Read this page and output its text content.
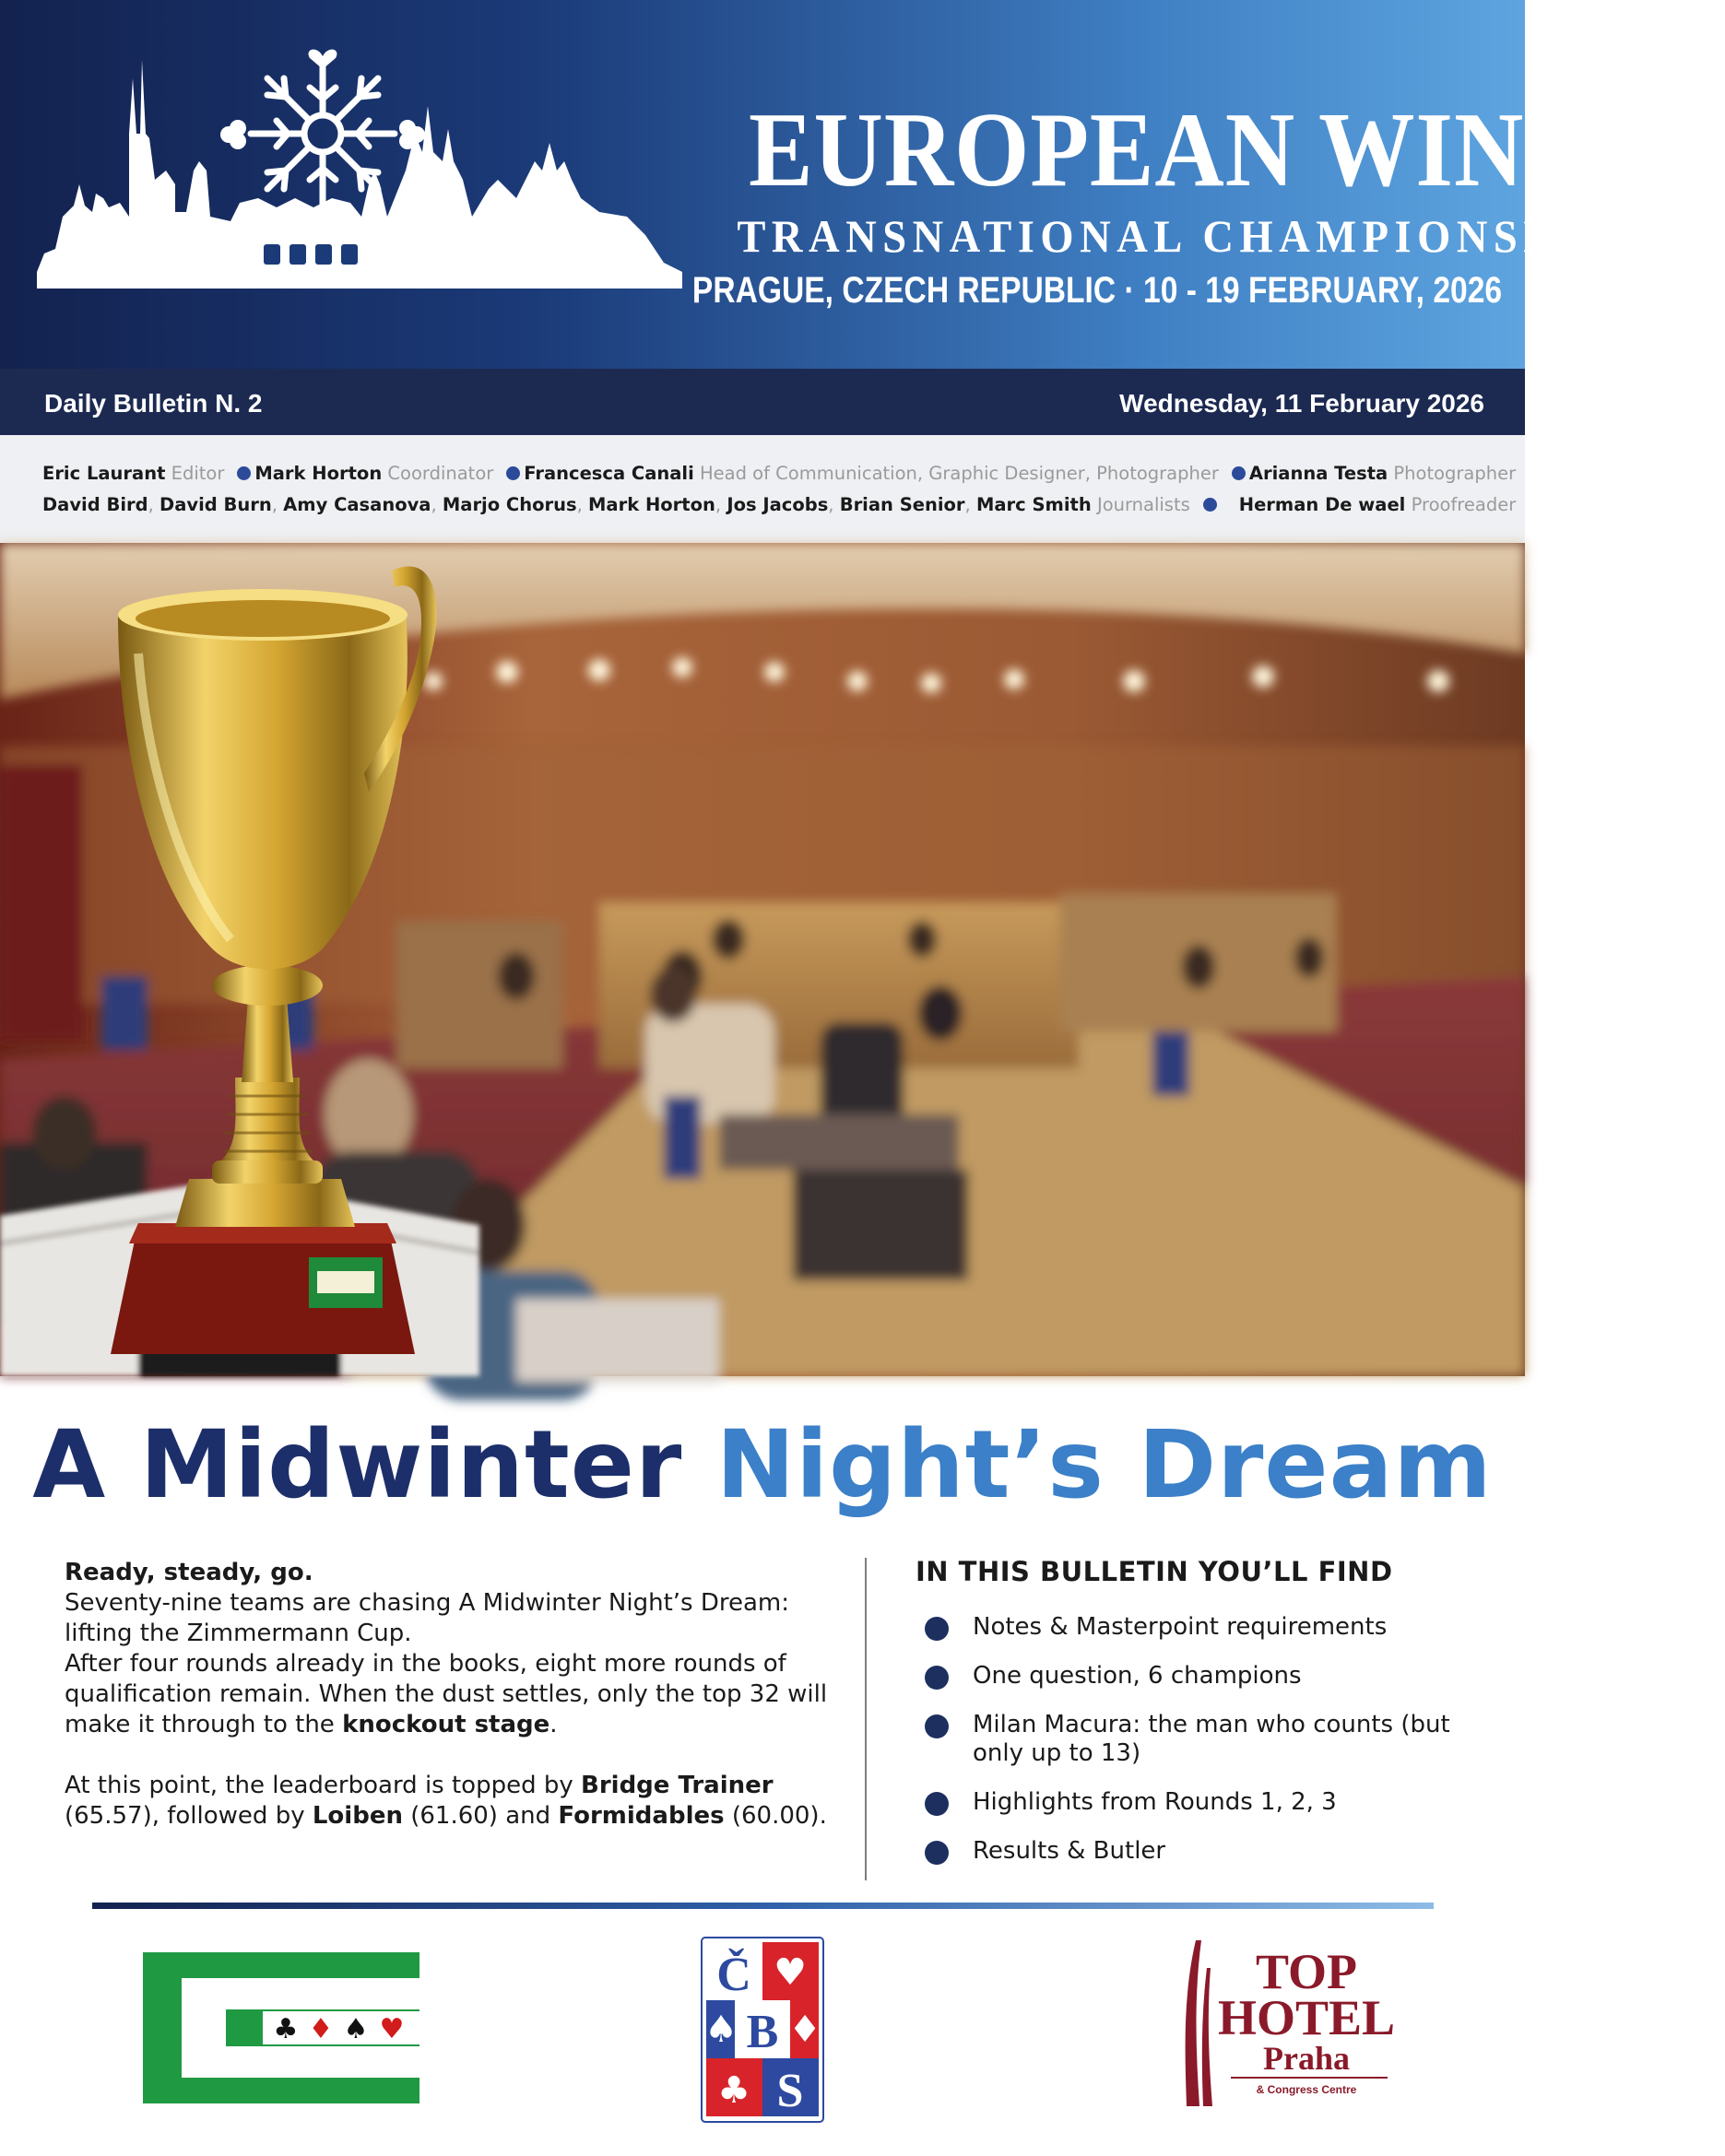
EUROPEAN WINTER
TRANSNATIONAL CHAMPIONSHIPS
PRAGUE, CZECH REPUBLIC · 10 - 19 FEBRUARY, 2026
Daily Bulletin N. 2	Wednesday, 11 February 2026
Eric Laurant Editor Mark Horton Coordinator Francesca Canali Head of Communication, Graphic Designer, Photographer Arianna Testa Photographer
David Bird, David Burn, Amy Casanova, Marjo Chorus, Mark Horton, Jos Jacobs, Brian Senior, Marc Smith Journalists	Herman De wael Proofreader
A Midwinter Night’s Dream

Ready, steady, go.

Seventy-nine teams are chasing A Midwinter Night’s Dream: lifting the Zimmermann Cup.

After four rounds already in the books, eight more rounds of qualification remain. When the dust settles, only the top 32 will make it through to the knockout stage.

At this point, the leaderboard is topped by Bridge Trainer (65.57), followed by Loiben (61.60) and Formidables (60.00).

IN THIS BULLETIN YOU’LL FIND
Notes & Masterpoint requirements
One question, 6 champions
Milan Macura: the man who counts (but only up to 13)
Highlights from Rounds 1, 2, 3
Results & Butler
♣ ♦ ♠ ♥
Č
B
S
♥
♠ ♦
♣
TOP
HOTEL
Praha
& Congress Centre
